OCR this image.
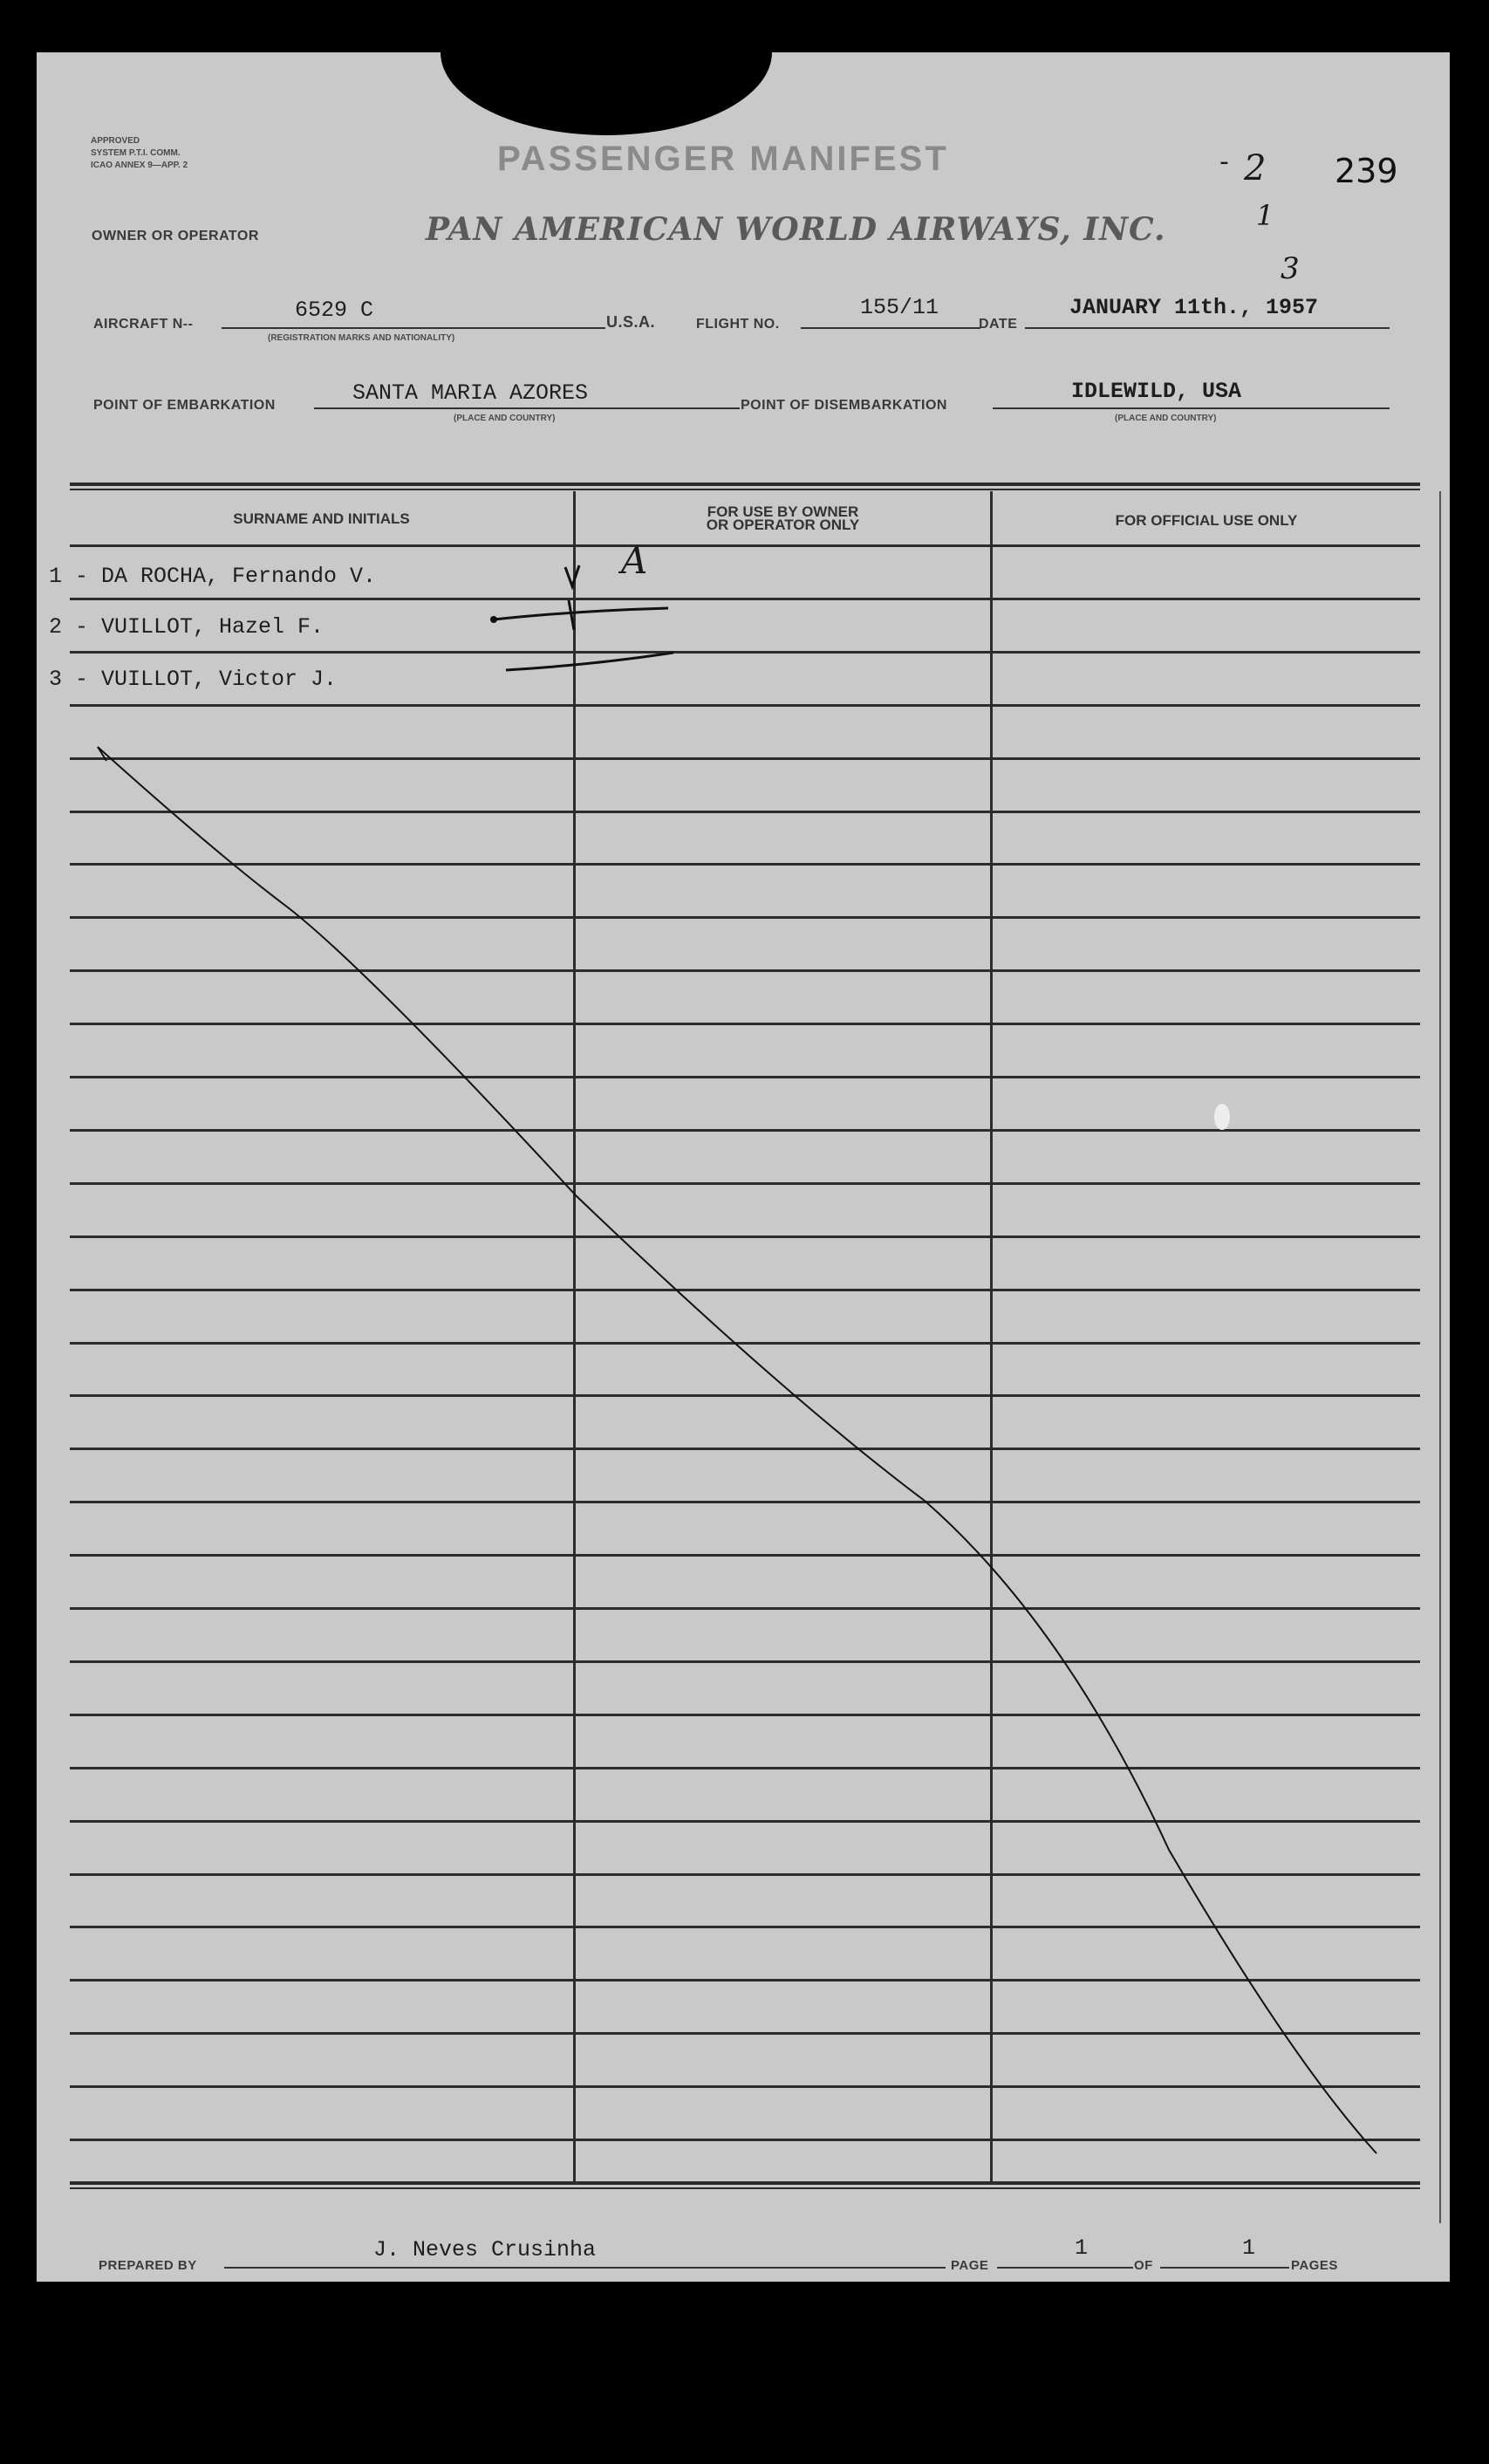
APPROVED
SYSTEM P.T.I. COMM.
ICAO ANNEX 9—APP. 2	PASSENGER MANIFEST
PAN AMERICAN WORLD AIRWAYS, INC.
OWNER OR OPERATOR
239
2
1
3
-
AIRCRAFT N--
6529 C
(REGISTRATION MARKS AND NATIONALITY)
U.S.A.	FLIGHT NO.
155/11
DATE
JANUARY 11th., 1957
POINT OF EMBARKATION	SANTA MARIA AZORES
(PLACE AND COUNTRY)
POINT OF DISEMBARKATION
IDLEWILD, USA
(PLACE AND COUNTRY)
SURNAME AND INITIALS	FOR USE BY OWNER
OR OPERATOR ONLY	FOR OFFICIAL USE ONLY
1 - DA ROCHA, Fernando V.
2 - VUILLOT, Hazel F.
3 - VUILLOT, Victor J.
A
PREPARED BY
J. Neves Crusinha
PAGE
1
OF
1
PAGES
